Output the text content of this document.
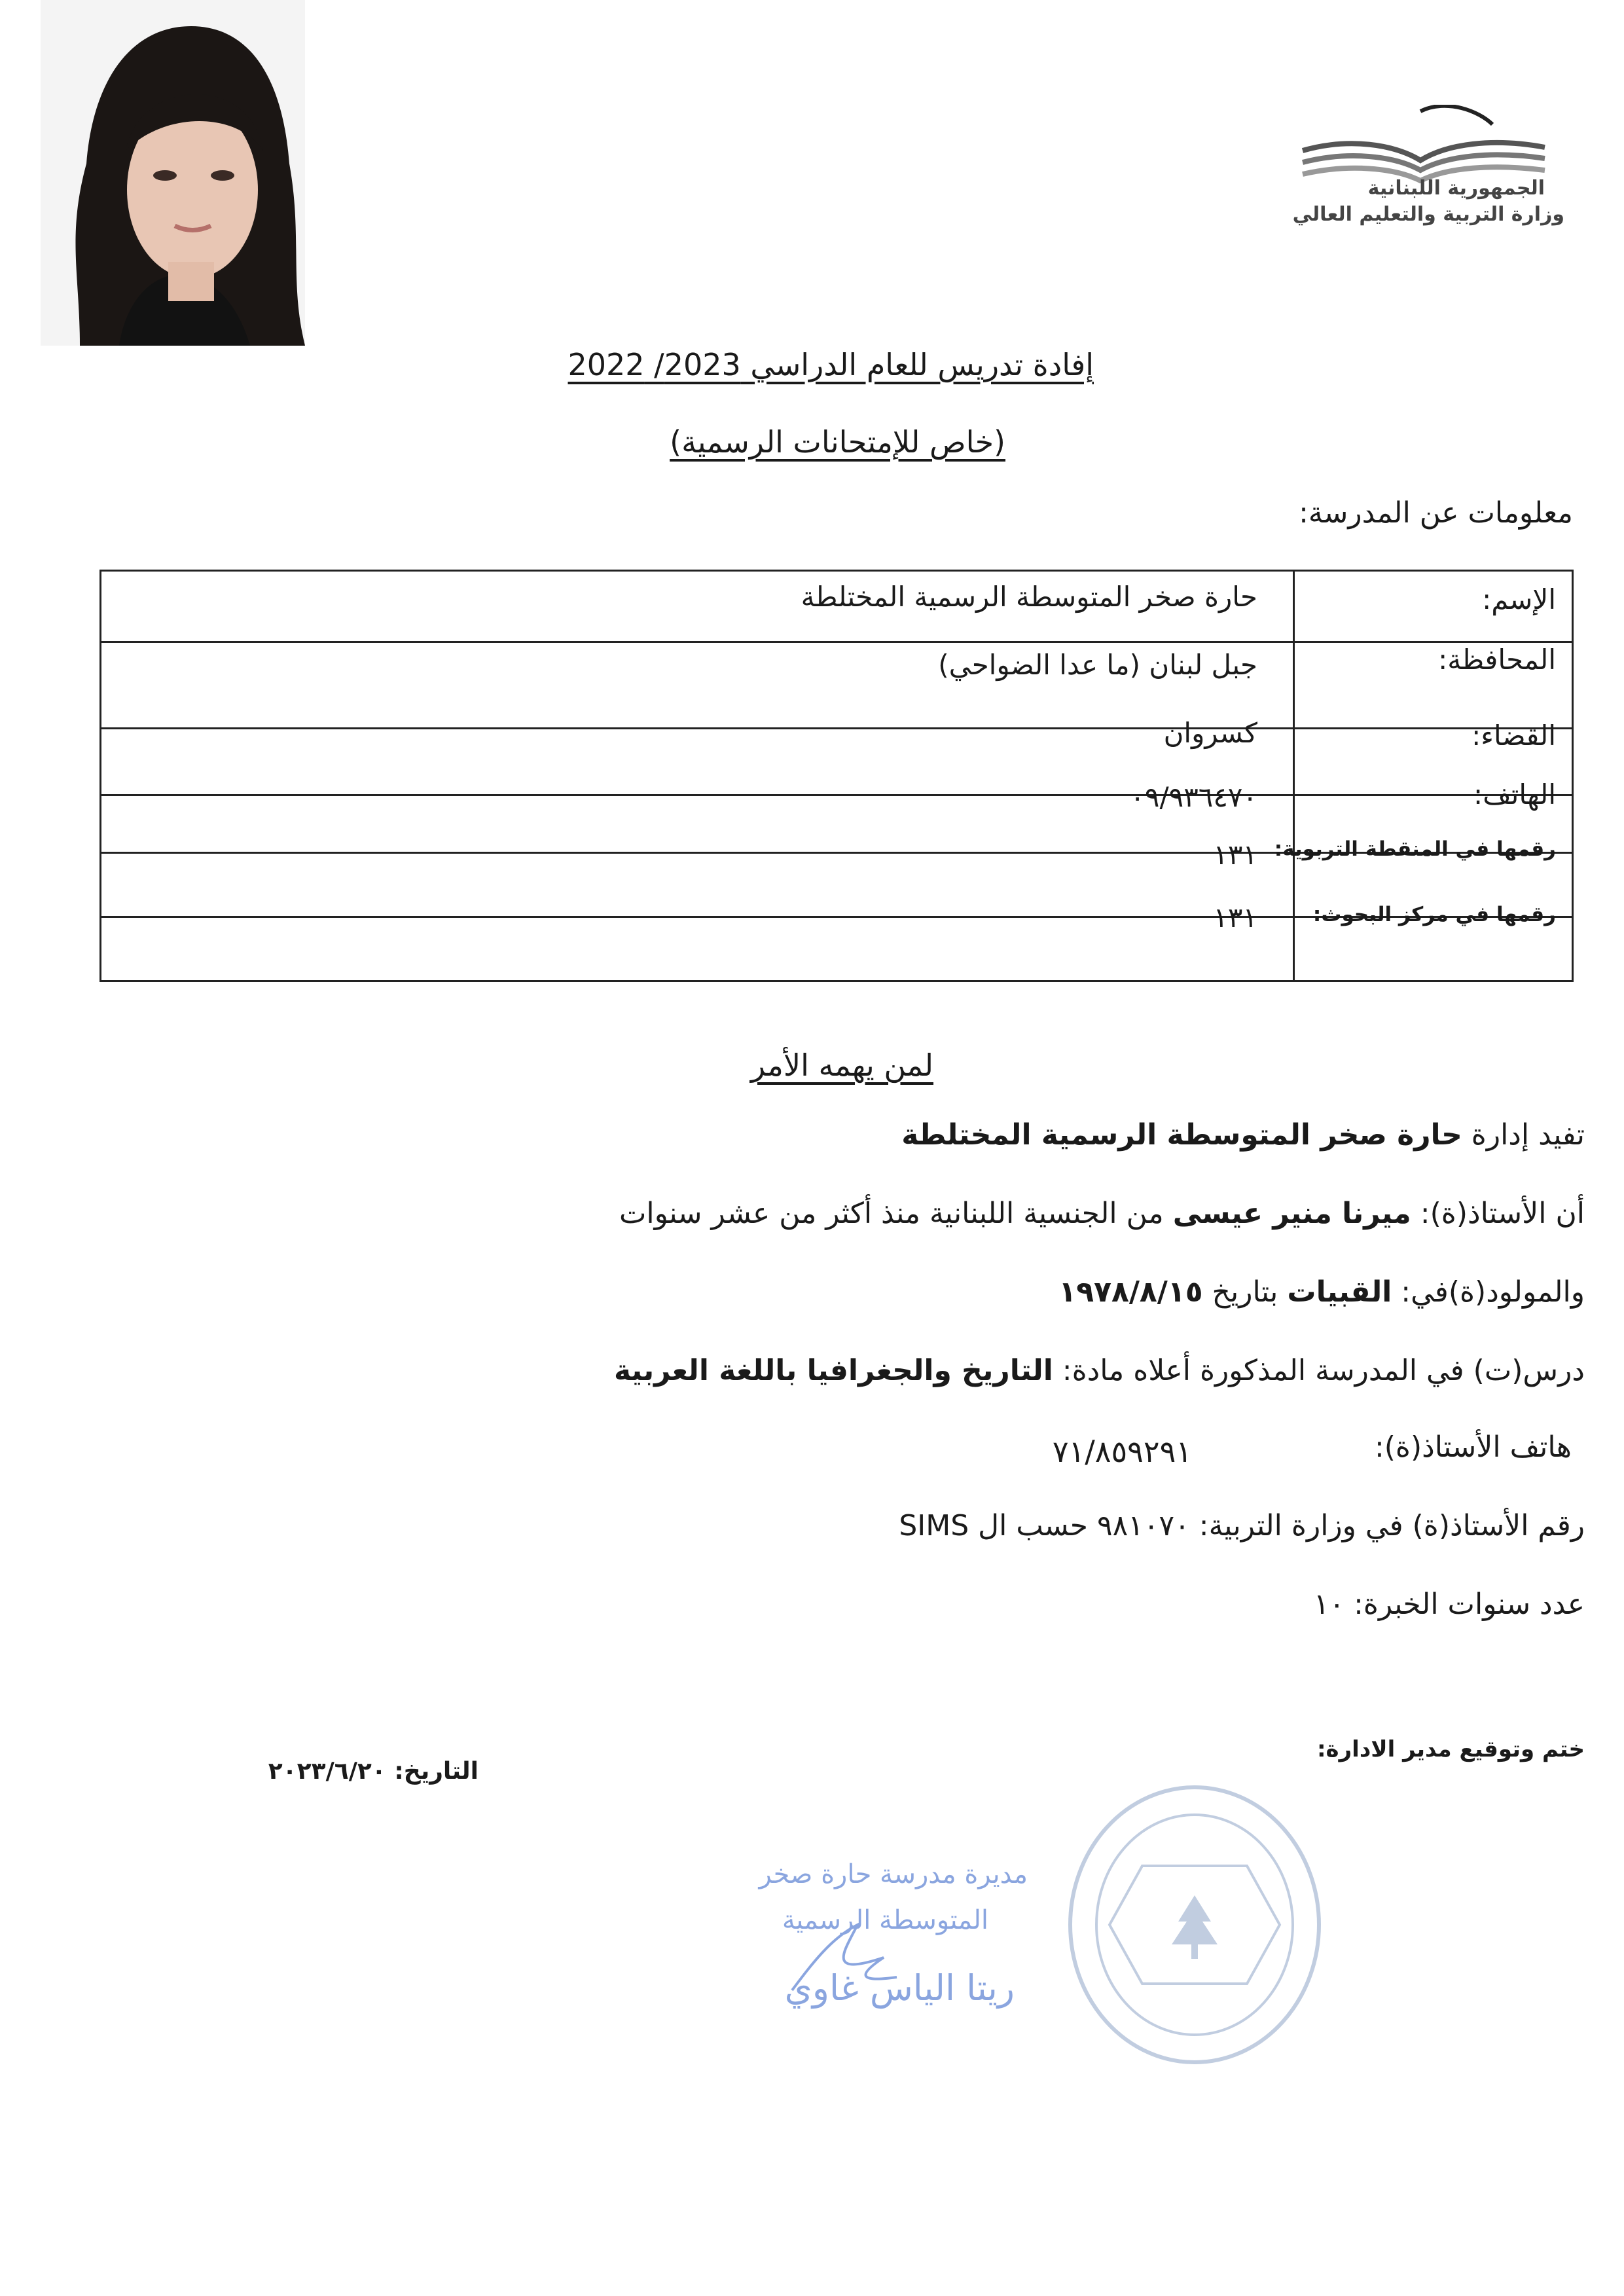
الجمهورية اللبنانية
وزارة التربية والتعليم العالي
إفادة تدريس للعام الدراسي 2023/ 2022
(خاص للإمتحانات الرسمية)
معلومات عن المدرسة:
الإسم:
حارة صخر المتوسطة الرسمية المختلطة
المحافظة:
جبل لبنان (ما عدا الضواحي)
القضاء:
كسروان
الهاتف:
٠٩/٩٣٦٤٧٠
رقمها في المنقطة التربوية:
١٣١
رقمها في مركز البحوث:
١٣١
لمن يهمه الأمر
تفيد إدارة حارة صخر المتوسطة الرسمية المختلطة
أن الأستاذ(ة): ميرنا منير عيسى من الجنسية اللبنانية منذ أكثر من عشر سنوات
والمولود(ة)في: القبيات بتاريخ ١٩٧٨/٨/١٥
درس(ت) في المدرسة المذكورة أعلاه مادة: التاريخ والجغرافيا باللغة العربية
هاتف الأستاذ(ة):
٧١/٨٥٩٢٩١
رقم الأستاذ(ة) في وزارة التربية: ٩٨١٠٧٠ حسب ال SIMS
عدد سنوات الخبرة: ١٠
ختم وتوقيع مدير الادارة:
التاريخ: ٢٠٢٣/٦/٢٠
مديرة مدرسة حارة صخر
المتوسطة الرسمية
ريتا الياس غاوي
